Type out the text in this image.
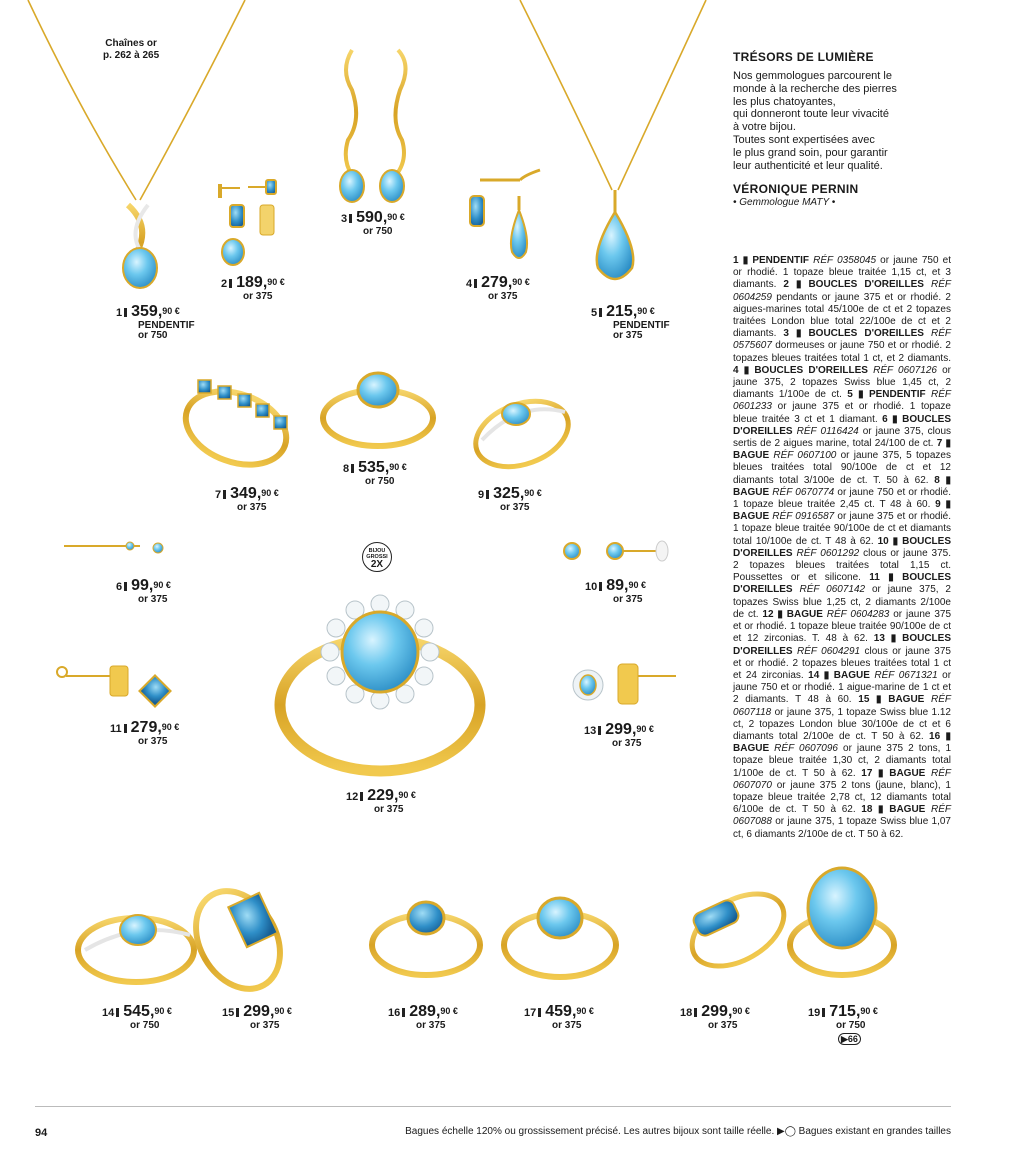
Chaînes or
p. 262 à 265
1 359,90 €
PENDENTIF
or 750
2 189,90 €
or 375
3 590,90 €
or 750
4 279,90 €
or 375
5 215,90 €
PENDENTIF
or 375
6 99,90 €
or 375
7 349,90 €
or 375
8 535,90 €
or 750
9 325,90 €
or 375
10 89,90 €
or 375
11 279,90 €
or 375
12 229,90 €
or 375
13 299,90 €
or 375
14 545,90 €
or 750
15 299,90 €
or 375
16 289,90 €
or 375
17 459,90 €
or 375
18 299,90 €
or 375
19 715,90 €
or 750
▶66
BIJOU
GROSSI
2X
TRÉSORS DE LUMIÈRE
Nos gemmologues parcourent le
monde à la recherche des pierres
les plus chatoyantes,
qui donneront toute leur vivacité
à votre bijou.
Toutes sont expertisées avec
le plus grand soin, pour garantir
leur authenticité et leur qualité.
VÉRONIQUE PERNIN
• Gemmologue MATY •
1 ▮ PENDENTIF RÉF 0358045 or jaune 750 et or rhodié. 1 topaze bleue traitée 1,15 ct, et 3 diamants. 2 ▮ BOUCLES D'OREILLES RÉF 0604259 pendants or jaune 375 et or rhodié. 2 aigues-marines total 45/100e de ct et 2 topazes traitées London blue total 22/100e de ct et 2 diamants. 3 ▮ BOUCLES D'OREILLES RÉF 0575607 dormeuses or jaune 750 et or rhodié. 2 topazes bleues traitées total 1 ct, et 2 diamants. 4 ▮ BOUCLES D'OREILLES RÉF 0607126 or jaune 375, 2 topazes Swiss blue 1,45 ct, 2 diamants 1/100e de ct. 5 ▮ PENDENTIF RÉF 0601233 or jaune 375 et or rhodié. 1 topaze bleue traitée 3 ct et 1 diamant. 6 ▮ BOUCLES D'OREILLES RÉF 0116424 or jaune 375, clous sertis de 2 aigues marine, total 24/100 de ct. 7 ▮ BAGUE RÉF 0607100 or jaune 375, 5 topazes bleues traitées total 90/100e de ct et 12 diamants total 3/100e de ct. T. 50 à 62. 8 ▮ BAGUE RÉF 0670774 or jaune 750 et or rhodié. 1 topaze bleue traitée 2,45 ct. T 48 à 60. 9 ▮ BAGUE RÉF 0916587 or jaune 375 et or rhodié. 1 topaze bleue traitée 90/100e de ct et diamants total 10/100e de ct. T 48 à 62. 10 ▮ BOUCLES D'OREILLES RÉF 0601292 clous or jaune 375. 2 topazes bleues traitées total 1,15 ct. Poussettes or et silicone. 11 ▮ BOUCLES D'OREILLES RÉF 0607142 or jaune 375, 2 topazes Swiss blue 1,25 ct, 2 diamants 2/100e de ct. 12 ▮ BAGUE RÉF 0604283 or jaune 375 et or rhodié. 1 topaze bleue traitée 90/100e de ct et 12 zirconias. T. 48 à 62. 13 ▮ BOUCLES D'OREILLES RÉF 0604291 clous or jaune 375 et or rhodié. 2 topazes bleues traitées total 1 ct et 24 zirconias. 14 ▮ BAGUE RÉF 0671321 or jaune 750 et or rhodié. 1 aigue-marine de 1 ct et 2 diamants. T 48 à 60. 15 ▮ BAGUE RÉF 0607118 or jaune 375, 1 topaze Swiss blue 1.12 ct, 2 topazes London blue 30/100e de ct et 6 diamants total 2/100e de ct. T 50 à 62. 16 ▮ BAGUE RÉF 0607096 or jaune 375 2 tons, 1 topaze bleue traitée 1,30 ct, 2 diamants total 1/100e de ct. T 50 à 62. 17 ▮ BAGUE RÉF 0607070 or jaune 375 2 tons (jaune, blanc), 1 topaze bleue traitée 2,78 ct, 12 diamants total 6/100e de ct. T 50 à 62. 18 ▮ BAGUE RÉF 0607088 or jaune 375, 1 topaze Swiss blue 1,07 ct, 6 diamants 2/100e de ct. T 50 à 62.
94	Bagues échelle 120% ou grossissement précisé. Les autres bijoux sont taille réelle. ▶◯ Bagues existant en grandes tailles
